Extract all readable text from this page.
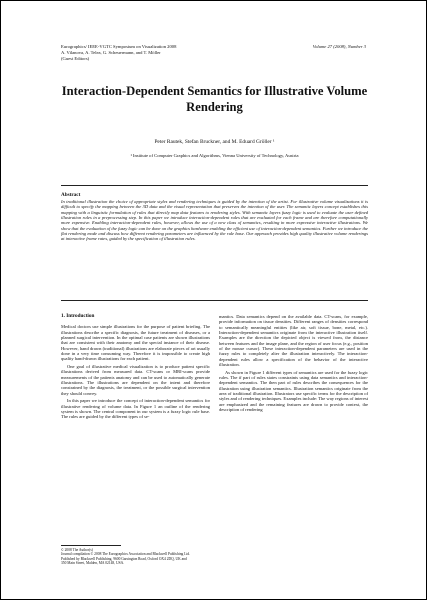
Eurographics/ IEEE-VGTC Symposium on Visualization 2008
A. Vilanova, A. Telea, G. Scheuermann, and T. Möller
(Guest Editors)
Volume 27 (2008), Number 3
Interaction-Dependent Semantics for Illustrative Volume Rendering
Peter Rautek, Stefan Bruckner, and M. Eduard Gröller ¹
¹ Institute of Computer Graphics and Algorithms, Vienna University of Technology, Austria
Abstract

In traditional illustration the choice of appropriate styles and rendering techniques is guided by the intention of the artist. For illustrative volume visualizations it is difficult to specify the mapping between the 3D data and the visual representation that preserves the intention of the user. The semantic layers concept establishes this mapping with a linguistic formulation of rules that directly map data features to rendering styles. With semantic layers fuzzy logic is used to evaluate the user defined illustration rules in a preprocessing step. In this paper we introduce interaction-dependent rules that are evaluated for each frame and are therefore computationally more expensive. Enabling interaction-dependent rules, however, allows the use of a new class of semantics, resulting in more expressive interactive illustrations. We show that the evaluation of the fuzzy logic can be done on the graphics hardware enabling the efficient use of interaction-dependent semantics. Further we introduce the flat rendering mode and discuss how different rendering parameters are influenced by the rule base. Our approach provides high quality illustrative volume renderings at interactive frame rates, guided by the specification of illustration rules.

1. Introduction

Medical doctors use simple illustrations for the purpose of patient briefing. The illustrations describe a specific diagnosis, the future treatment of diseases, or a planned surgical intervention. In the optimal case patients are shown illustrations that are consistent with their anatomy and the special instance of their disease. However, hand drawn (traditional) illustrations are elaborate pieces of art usually done in a very time consuming way. Therefore it is impossible to create high quality hand-drawn illustrations for each patient.

One goal of illustrative medical visualization is to produce patient specific illustrations derived from measured data. CT-scans or MRI-scans provide measurements of the patients anatomy and can be used to automatically generate illustrations. The illustrations are dependent on the intent and therefore constrained by the diagnosis, the treatment, or the possible surgical intervention they should convey.

In this paper we introduce the concept of interaction-dependent semantics for illustrative rendering of volume data. In Figure 1 an outline of the rendering system is shown. The central component in our system is a fuzzy logic rule base. The rules are guided by the different types of se-

mantics. Data semantics depend on the available data. CT-scans, for example, provide information on tissue densities. Different ranges of densities correspond to semantically meaningful entities (like air, soft tissue, bone, metal, etc.). Interaction-dependent semantics originate from the interactive illustration itself. Examples are the direction the depicted object is viewed from, the distance between features and the image plane, and the region of user focus (e.g., position of the mouse cursor). These interaction-dependent parameters are used in the fuzzy rules to completely alter the illustration interactively. The interaction-dependent rules allow a specification of the behavior of the interactive illustration.

As shown in Figure 1 different types of semantics are used for the fuzzy logic rules. The if part of rules states constraints using data semantics and interaction-dependent semantics. The then part of rules describes the consequences for the illustration using illustration semantics. Illustration semantics originate from the area of traditional illustration. Illustrators use specific terms for the description of styles and of rendering techniques. Examples include: The way regions of interest are emphasized and the remaining features are drawn to provide context, the description of rendering

© 2008 The Author(s)
Journal compilation © 2008 The Eurographics Association and Blackwell Publishing Ltd.
Published by Blackwell Publishing, 9600 Garsington Road, Oxford OX4 2DQ, UK and
350 Main Street, Malden, MA 02148, USA.
